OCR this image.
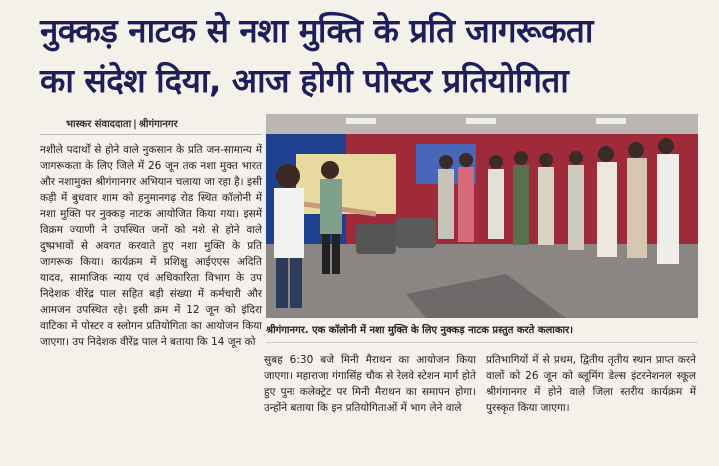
नुक्कड़ नाटक से नशा मुक्ति के प्रति जागरूकता
का संदेश दिया, आज होगी पोस्टर प्रतियोगिता
भास्कर संवाददाता | श्रीगंगानगर
नशीले पदार्थों से होने वाले नुकसान के प्रति जन-सामान्य में जागरूकता के लिए जिले में 26 जून तक नशा मुक्त भारत और नशामुक्त श्रीगंगानगर अभियान चलाया जा रहा है। इसी कड़ी में बुधवार शाम को हनुमानगढ़ रोड स्थित कॉलोनी में नशा मुक्ति पर नुक्कड़ नाटक आयोजित किया गया। इसमें विक्रम ज्याणी ने उपस्थित जनों को नशे से होने वाले दुष्प्रभावों से अवगत करवाते हुए नशा मुक्ति के प्रति जागरूक किया। कार्यक्रम में प्रशिक्षु आईएएस अदिति यादव, सामाजिक न्याय एवं अधिकारिता विभाग के उप निदेशक वीरेंद्र पाल सहित बड़ी संख्या में कर्मचारी और आमजन उपस्थित रहे। इसी क्रम में 12 जून को इंदिरा वाटिका में पोस्टर व स्लोगन प्रतियोगिता का आयोजन किया जाएगा। उप निदेशक वीरेंद्र पाल ने बताया कि 14 जून को
श्रीगंगानगर. एक कॉलोनी में नशा मुक्ति के लिए नुक्कड़ नाटक प्रस्तुत करते कलाकार।
सुबह 6:30 बजे मिनी मैराथन का आयोजन किया जाएगा। महाराजा गंगासिंह चौक से रेलवे स्टेशन मार्ग होते हुए पुनः कलेक्ट्रेट पर मिनी मैराथन का समापन होगा। उन्होंने बताया कि इन प्रतियोगिताओं में भाग लेने वाले
प्रतिभागियों में से प्रथम, द्वितीय तृतीय स्थान प्राप्त करने वालों को 26 जून को ब्लूमिंग डेल्स इंटरनेशनल स्कूल श्रीगंगानगर में होने वाले जिला स्तरीय कार्यक्रम में पुरस्कृत किया जाएगा।
